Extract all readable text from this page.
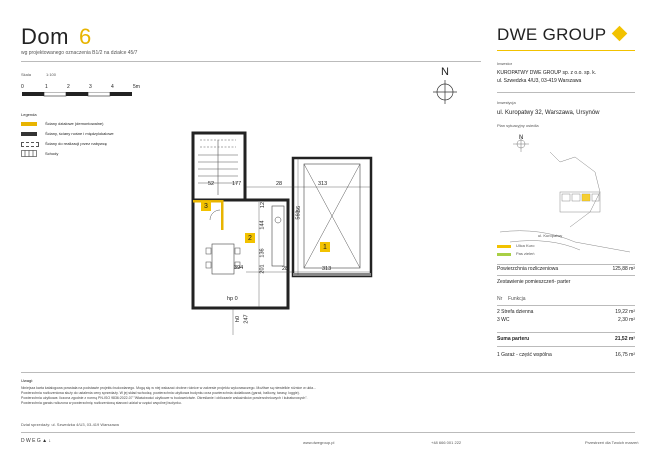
Dom 6
wg projektowanego oznaczenia B1/2 na działce 45/7
DWE GROUP
Skala	1:100
0	1	2	3	4	5m
N
Legenda
Ściany działowe (demontowalne)
Ściany, ściany nośne i międzylokalowe
Ściany do realizacji przez nabywcę
Schody
177	28	313
56
52
12
560
144
136
394	201	28	313
hp 0
h0 247
1
2
3
Inwestor
KUROPATWY DWE GROUP sp. z o.o. sp. k.
ul. Szwedzka 4/U3, 03-419 Warszawa
Inwestycja
ul. Kuropatwy 32, Warszawa, Ursynów
Plan sytuacyjny osiedla
N
ul. Kuropatwy
Ulica Kuro
Pas zieleń
Powierzchnia rozliczeniowa	125,88 m²
Zestawienie pomieszczeń- parter
Nr Funkcja
2 Strefa dzienna	19,22 m²
3 WC	2,30 m²
Suma parteru	21,52 m²
1 Garaż - część wspólna	16,75 m²
Uwagi:
Niniejsza karta katalogowa powstała na podstawie projektu budowlanego. Mogą się w niej wskazać drobne różnice w zakresie projektu wykonawczego. Możliwe są niewielkie różnice w ukła...
Powierzchnia rozliczeniowa służy do ustalenia ceny sprzedaży. W jej skład wchodzą: powierzchnia użytkowa budynku oraz powierzchnia dodatkowa (garaż, balkony, tarasy, loggie).
Powierzchnia użytkowa: liczona zgodnie z normą PN-ISO 9836:2022-07 "Właściwości użytkowe w budownictwie. Określanie i obliczanie wskaźników powierzchniowych i kubaturowych".
Powierzchnia garażu wliczona w powierzchnię rozliczeniową stanowi udział w części wspólnej budynku.
Dział sprzedaży: ul. Szwedzka 4/U3, 03-419 Warszawa
D W E G ▲ ↓	www.dwegroup.pl	+48 666 001 222	Przestrzeń dla Twoich marzeń
